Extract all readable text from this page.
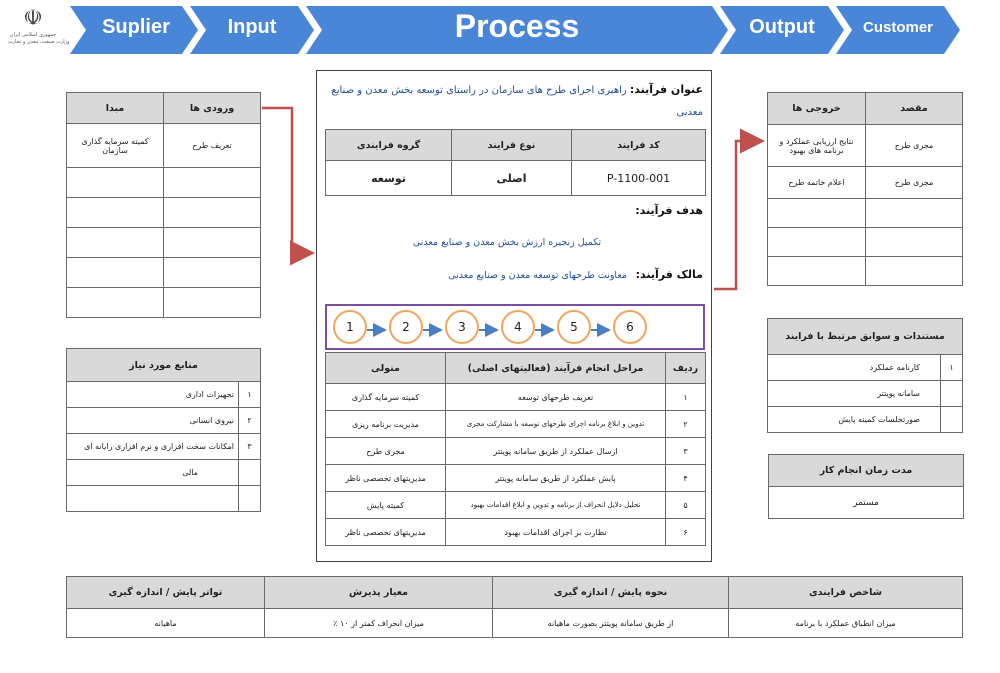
☫
جمهوری اسلامی ایران
وزارت صنعت، معدن و تجارت
Suplier	Input	Process	Output	Customer
ورودی ها	مبدا
تعریف طرح	کمیته سرمایه گذاری سازمان

منابع مورد نیاز	
۱	تجهیزات اداری
۲	نیروی انسانی
۳	امکانات سخت افزاری و نرم افزاری رایانه ای
	مالی

عنوان فرآیند: راهبری اجرای طرح های سازمان در راستای توسعه بخش معدن و صنایع معدنی
کد فرایند	نوع فرایند	گروه فرایندی
P-1100-001	اصلی	توسعه
هدف فرآیند:
تکمیل زنجیره ارزش بخش معدن و صنایع معدنی
مالک فرآیند:
معاونت طرحهای توسعه معدن و صنایع معدنی
1	2	3	4	5	6
ردیف	مراحل انجام فرآیند (فعالیتهای اصلی)	متولی
۱	تعریف طرحهای توسعه	کمیته سرمایه گذاری
۲	تدوین و ابلاغ برنامه اجرای طرحهای توسعه با مشارکت مجری	مدیریت برنامه ریزی
۳	ارسال عملکرد از طریق سامانه پویتتر	مجری طرح
۴	پایش عملکرد از طریق سامانه پویتتر	مدیریتهای تخصصی ناظر
۵	تحلیل دلایل انحراف از برنامه و تدوین و ابلاغ اقدامات بهبود	کمیته پایش
۶	نظارت بر اجرای اقدامات بهبود	مدیریتهای تخصصی ناظر
مقصد	خروجی ها
مجری طرح	نتایج ارزیابی عملکرد و برنامه های بهبود
مجری طرح	اعلام خاتمه طرح

مستندات و سوابق مرتبط با فرایند	
۱	کارنامه عملکرد
	سامانه پویتتر
	صورتجلسات کمیته پایش
مدت زمان انجام کار
مستمر
شاخص فرایندی	نحوه پایش / اندازه گیری	معیار پذیرش	تواتر پایش / اندازه گیری
میزان انطباق عملکرد با برنامه	از طریق سامانه پویتتر بصورت ماهیانه	میزان انحراف کمتر از ۱۰ ٪	ماهیانه
